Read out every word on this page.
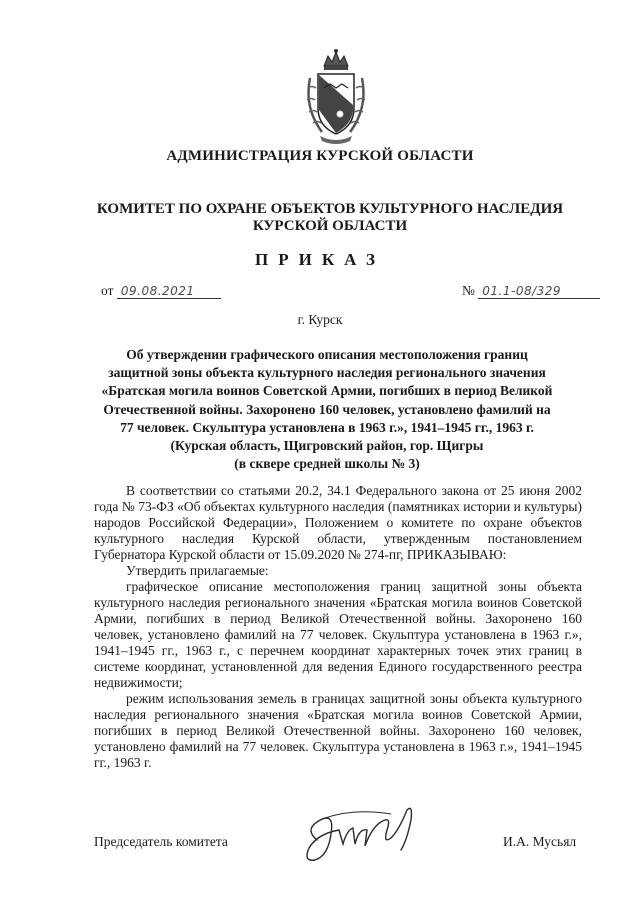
АДМИНИСТРАЦИЯ КУРСКОЙ ОБЛАСТИ
КОМИТЕТ ПО ОХРАНЕ ОБЪЕКТОВ КУЛЬТУРНОГО НАСЛЕДИЯ
КУРСКОЙ ОБЛАСТИ
ПРИКАЗ
от 09.08.2021	№ 01.1-08/329
г. Курск
Об утверждении графического описания местоположения границ
защитной зоны объекта культурного наследия регионального значения
«Братская могила воинов Советской Армии, погибших в период Великой
Отечественной войны. Захоронено 160 человек, установлено фамилий на
77 человек. Скульптура установлена в 1963 г.», 1941–1945 гг., 1963 г.
(Курская область, Щигровский район, гор. Щигры
(в сквере средней школы № 3)

В соответствии со статьями 20.2, 34.1 Федерального закона от 25 июня 2002 года № 73-ФЗ «Об объектах культурного наследия (памятниках истории и культуры) народов Российской Федерации», Положением о комитете по охране объектов культурного наследия Курской области, утвержденным постановлением Губернатора Курской области от 15.09.2020 № 274-пг, ПРИКАЗЫВАЮ:

Утвердить прилагаемые:

графическое описание местоположения границ защитной зоны объекта культурного наследия регионального значения «Братская могила воинов Советской Армии, погибших в период Великой Отечественной войны. Захоронено 160 человек, установлено фамилий на 77 человек. Скульптура установлена в 1963 г.», 1941–1945 гг., 1963 г., с перечнем координат характерных точек этих границ в системе координат, установленной для ведения Единого государственного реестра недвижимости;

режим использования земель в границах защитной зоны объекта культурного наследия регионального значения «Братская могила воинов Советской Армии, погибших в период Великой Отечественной войны. Захоронено 160 человек, установлено фамилий на 77 человек. Скульптура установлена в 1963 г.», 1941–1945 гг., 1963 г.

Председатель комитета	И.А. Мусьял
